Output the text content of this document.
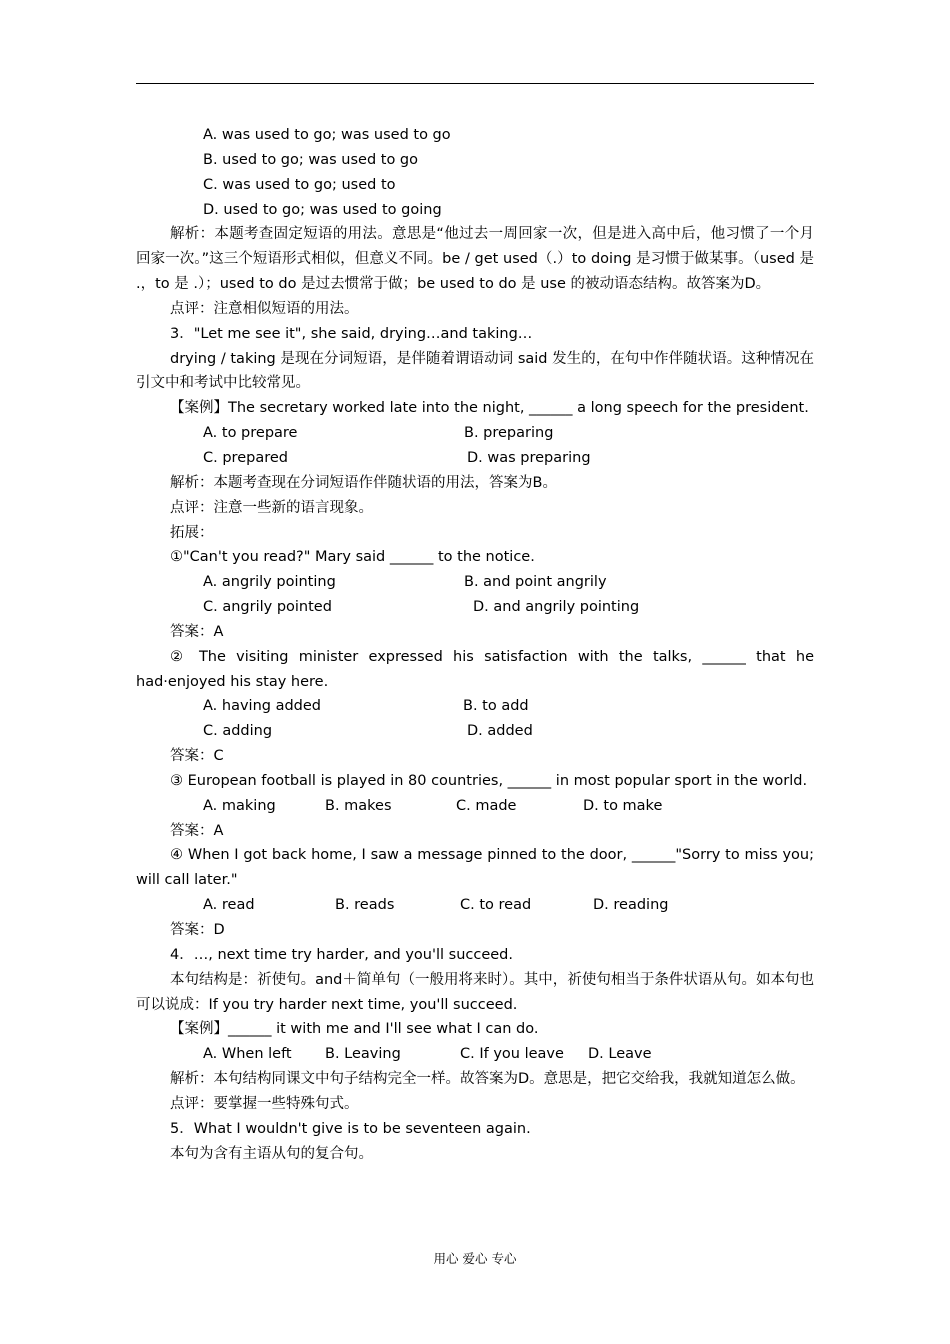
A. was used to go; was used to go
B. used to go; was used to go
C. was used to go; used to
D. used to go; was used to going
解析：本题考查固定短语的用法。意思是“他过去一周回家一次，但是进入高中后，他习惯了一个月回家一次。”这三个短语形式相似，但意义不同。be / get used（.）to doing 是习惯于做某事。（used 是 .，to 是 .）；used to do 是过去惯常于做；be used to do 是 use 的被动语态结构。故答案为D。
点评：注意相似短语的用法。
3．"Let me see it", she said, drying…and taking…
drying / taking 是现在分词短语，是伴随着谓语动词 said 发生的，在句中作伴随状语。这种情况在引文中和考试中比较常见。
【案例】The secretary worked late into the night, ______ a long speech for the president.
A. to prepare	B. preparing
C. prepared	D. was preparing
解析：本题考查现在分词短语作伴随状语的用法，答案为B。
点评：注意一些新的语言现象。
拓展：
①"Can't you read?" Mary said ______ to the notice.
A. angrily pointing	B. and point angrily
C. angrily pointed	D. and angrily pointing
答案：A
② The visiting minister expressed his satisfaction with the talks, ______ that he had·enjoyed his stay here.
A. having added	B. to add
C. adding	D. added
答案：C
③ European football is played in 80 countries, ______ in most popular sport in the world.
A. making	B. makes	C. made	D. to make
答案：A
④ When I got back home, I saw a message pinned to the door, ______"Sorry to miss you; will call later."
A. read	B. reads	C. to read	D. reading
答案：D
4．…, next time try harder, and you'll succeed.
本句结构是：祈使句。and＋简单句（一般用将来时）。其中，祈使句相当于条件状语从句。如本句也可以说成：If you try harder next time, you'll succeed.
【案例】______ it with me and I'll see what I can do.
A. When left	B. Leaving	C. If you leave	D. Leave
解析：本句结构同课文中句子结构完全一样。故答案为D。意思是，把它交给我，我就知道怎么做。
点评：要掌握一些特殊句式。
5．What I wouldn't give is to be seventeen again.
本句为含有主语从句的复合句。
用心 爱心 专心
